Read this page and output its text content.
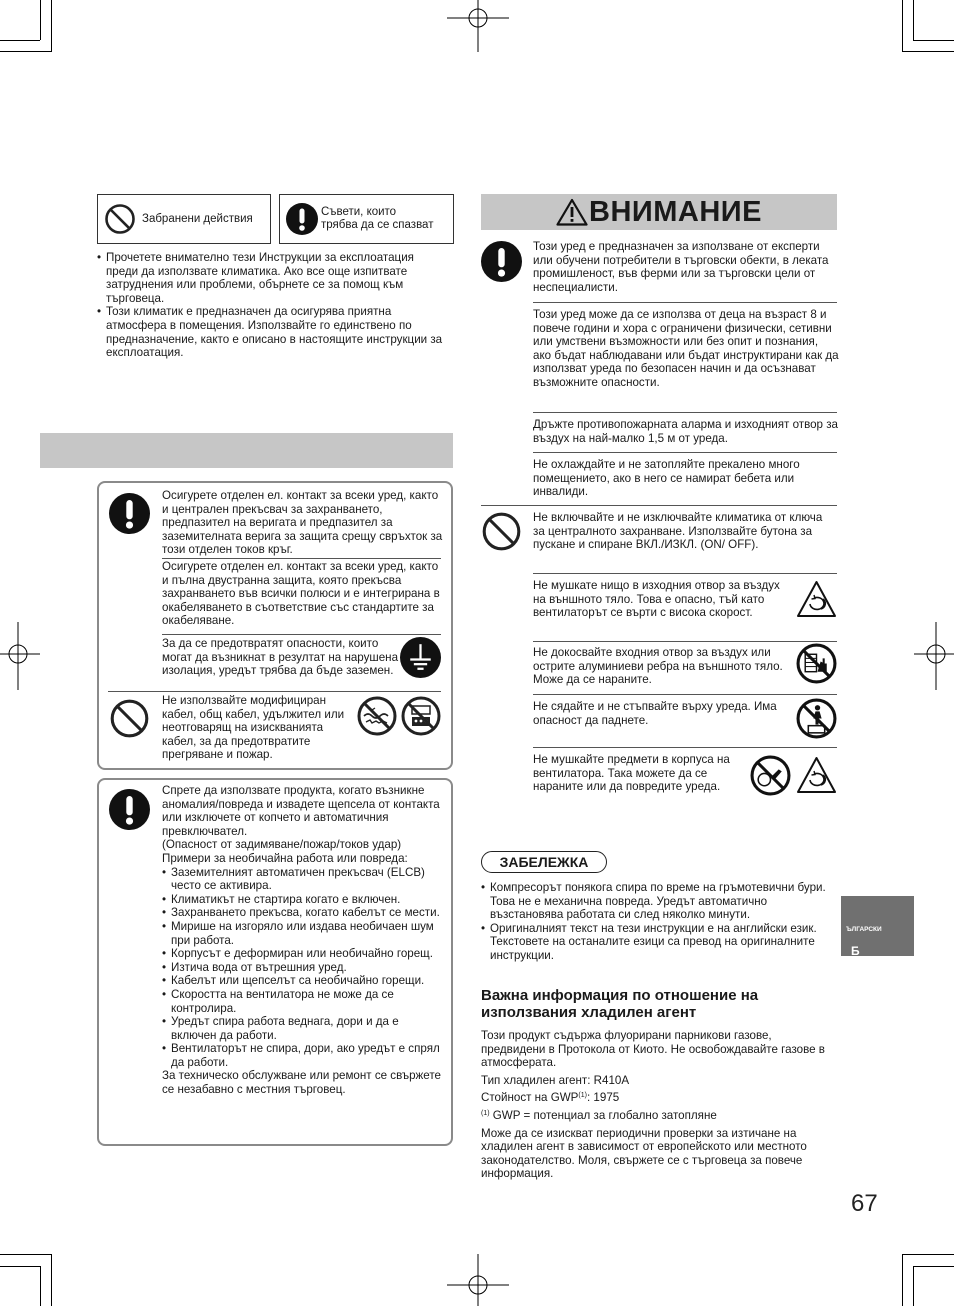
Забранени действия
Съвети, които
трябва да се спазват
• Прочетете внимателно тези Инструкции за експлоатация преди да използвате климатика. Ако все още изпитвате затруднения или проблеми, обърнете се за помощ към търговеца.
• Този климатик е предназначен да осигурява приятна атмосфера в помещения. Използвайте го единствено по предназначение, както е описано в настоящите инструкции за експлоатация.
Осигурете отделен ел. контакт за всеки уред, както и централен прекъсвач за захранването, предпазител на веригата и предпазител за заземителната верига за защита срещу свръхток за този отделен токов кръг.
Осигурете отделен ел. контакт за всеки уред, както и пълна двустранна защита, която прекъсва захранването във всички полюси и е интегрирана в окабеляването в съответствие със стандартите за окабеляване.
За да се предотвратят опасности, които могат да възникнат в резултат на нарушена изолация, уредът трябва да бъде заземен.
Не използвайте модифициран кабел, общ кабел, удължител или неотговарящ на изискванията кабел, за да предотвратите прегряване и пожар.
Спрете да използвате продукта, когато възникне аномалия/повреда и извадете щепсела от контакта или изключете от копчето и автоматичния превключвател.
(Опасност от задимяване/пожар/токов удар)
Примери за необичайна работа или повреда:
• Заземителният автоматичен прекъсвач (ELCB) често се активира.
• Климатикът не стартира когато е включен.
• Захранването прекъсва, когато кабелът се мести.
• Мирише на изгоряло или издава необичаен шум при работа.
• Корпусът е деформиран или необичайно горещ.
• Изтича вода от вътрешния уред.
• Кабелът или щепселът са необичайно горещи.
• Скоростта на вентилатора не може да се контролира.
• Уредът спира работа веднага, дори и да е включен да работи.
• Вентилаторът не спира, дори, ако уредът е спрял да работи.
За техническо обслужване или ремонт се свържете се незабавно с местния търговец.
ВНИМАНИЕ
Този уред е предназначен за използване от експерти или обучени потребители в търговски обекти, в леката промишленост, във ферми или за търговски цели от неспециалисти.
Този уред може да се използва от деца на възраст 8 и повече години и хора с ограничени физически, сетивни или умствени възможности или без опит и познания, ако бъдат наблюдавани или бъдат инструктирани как да използват уреда по безопасен начин и да осъзнават възможните опасности.
Дръжте противопожарната аларма и изходният отвор за въздух на най-малко 1,5 м от уреда.
Не охлаждайте и не затопляйте прекалено много помещението, ако в него се намират бебета или инвалиди.
Не включвайте и не изключвайте климатика от ключа за централното захранване. Използвайте бутона за пускане и спиране ВКЛ./ИЗКЛ. (ON/ OFF).
Не мушкате нищо в изходния отвор за въздух на външното тяло. Това е опасно, тъй като вентилаторът се върти с висока скорост.
Не докосвайте входния отвор за въздух или острите алуминиеви ребра на външното тяло. Може да се нараните.
Не сядайте и не стъпвайте върху уреда. Има опасност да паднете.
Не мушкайте предмети в корпуса на вентилатора. Така можете да се нараните или да повредите уреда.
ЗАБЕЛЕЖКА
• Компресорът понякога спира по време на гръмотевични бури. Това не е механична повреда. Уредът автоматично възстановява работата си след няколко минути.
• Оригиналният текст на тези инструкции е на английски език. Текстовете на останалите езици са превод на оригиналните инструкции.
Важна информация по отношение на използвания хладилен агент
Този продукт съдържа флуорирани парникови газове, предвидени в Протокола от Киото. Не освобождавайте газове в атмосферата.
Тип хладилен агент: R410A
Стойност на GWP$^{(1)}$: 1975
$^{(1)}$ GWP = потенциал за глобално затопляне
Може да се изискват периодични проверки за изтичане на хладилен агент в зависимост от европейското или местното законодателство. Моля, свържете се с търговеца за повече информация.
Б
ЪЛГАРСКИ
67
